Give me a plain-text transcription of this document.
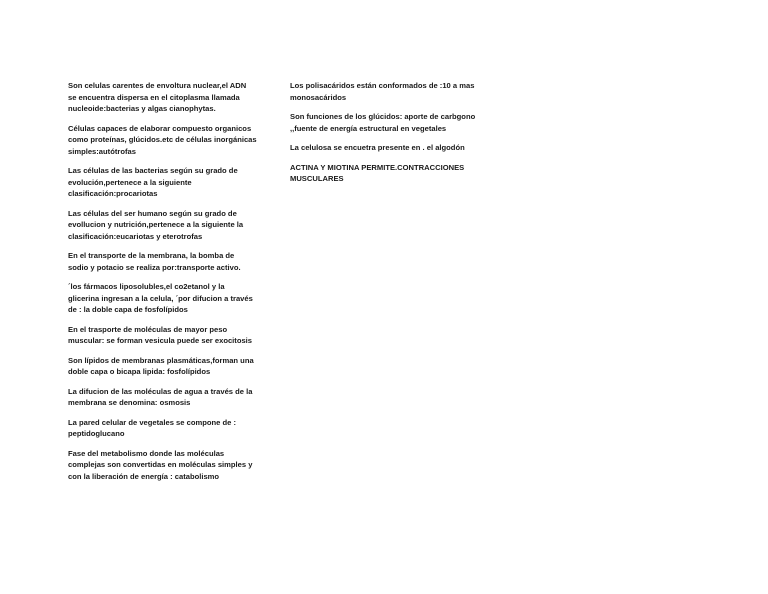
Son celulas carentes de envoltura nuclear,el ADN
se encuentra dispersa en el citoplasma llamada
nucleoide:bacterias y algas cianophytas.

Células capaces de elaborar compuesto organicos
como proteínas, glúcidos.etc de células inorgánicas
simples:autótrofas

Las células de las bacterias según su grado de
evolución,pertenece a la siguiente
clasificación:procariotas

Las células del ser humano según su grado de
evollucion y nutrición,pertenece a la siguiente la
clasificación:eucariotas y eterotrofas

En el transporte de la membrana, la bomba de
sodio y potacio se realiza por:transporte activo.

´los fármacos liposolubles,el co2etanol y la
glicerina ingresan a la celula, ´por difucion a través
de : la doble capa de fosfolípidos

En el trasporte de moléculas de mayor peso
muscular: se forman vesicula puede ser exocitosis

Son lípidos de membranas plasmáticas,forman una
doble capa o bicapa lipida: fosfolípidos

La difucion de las moléculas de agua a través de la
membrana se denomina: osmosis

La pared celular de vegetales se compone de :
peptidoglucano

Fase del metabolismo donde las moléculas
complejas son convertidas en moléculas simples y
con la liberación de energía : catabolismo

Los polisacáridos están conformados de :10 a mas
monosacáridos

Son funciones de los glúcidos: aporte de carbgono
,,fuente de energía estructural en vegetales

La celulosa se encuetra presente en . el algodón

ACTINA Y MIOTINA PERMITE.CONTRACCIONES
MUSCULARES
